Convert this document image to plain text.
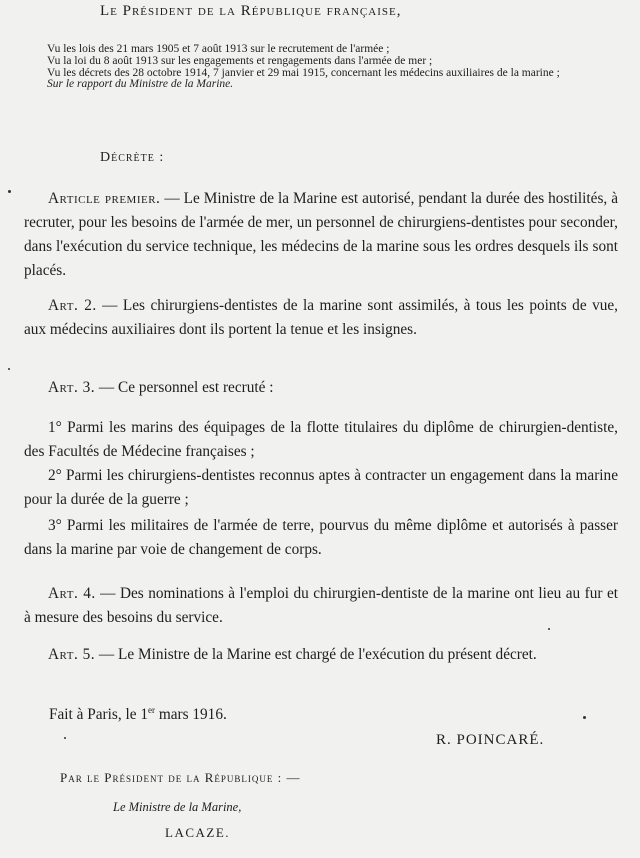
Le Président de la République française,

Vu les lois des 21 mars 1905 et 7 août 1913 sur le recrutement de l'armée ;

Vu la loi du 8 août 1913 sur les engagements et rengagements dans l'armée de mer ;

Vu les décrets des 28 octobre 1914, 7 janvier et 29 mai 1915, concernant les médecins auxiliaires de la marine ;

Sur le rapport du Ministre de la Marine.

Décrète :

Article premier. — Le Ministre de la Marine est autorisé, pendant la durée des hostilités, à recruter, pour les besoins de l'armée de mer, un personnel de chirurgiens-dentistes pour seconder, dans l'exécution du service technique, les médecins de la marine sous les ordres desquels ils sont placés.

Art. 2. — Les chirurgiens-dentistes de la marine sont assimilés, à tous les points de vue, aux médecins auxiliaires dont ils portent la tenue et les insignes.

Art. 3. — Ce personnel est recruté :

1° Parmi les marins des équipages de la flotte titulaires du diplôme de chirurgien-dentiste, des Facultés de Médecine françaises ;

2° Parmi les chirurgiens-dentistes reconnus aptes à contracter un engagement dans la marine pour la durée de la guerre ;

3° Parmi les militaires de l'armée de terre, pourvus du même diplôme et autorisés à passer dans la marine par voie de changement de corps.

Art. 4. — Des nominations à l'emploi du chirurgien-dentiste de la marine ont lieu au fur et à mesure des besoins du service.

Art. 5. — Le Ministre de la Marine est chargé de l'exécution du présent décret.

Fait à Paris, le 1er mars 1916.
R. POINCARÉ.
Par le Président de la République : —
Le Ministre de la Marine,
LACAZE.
